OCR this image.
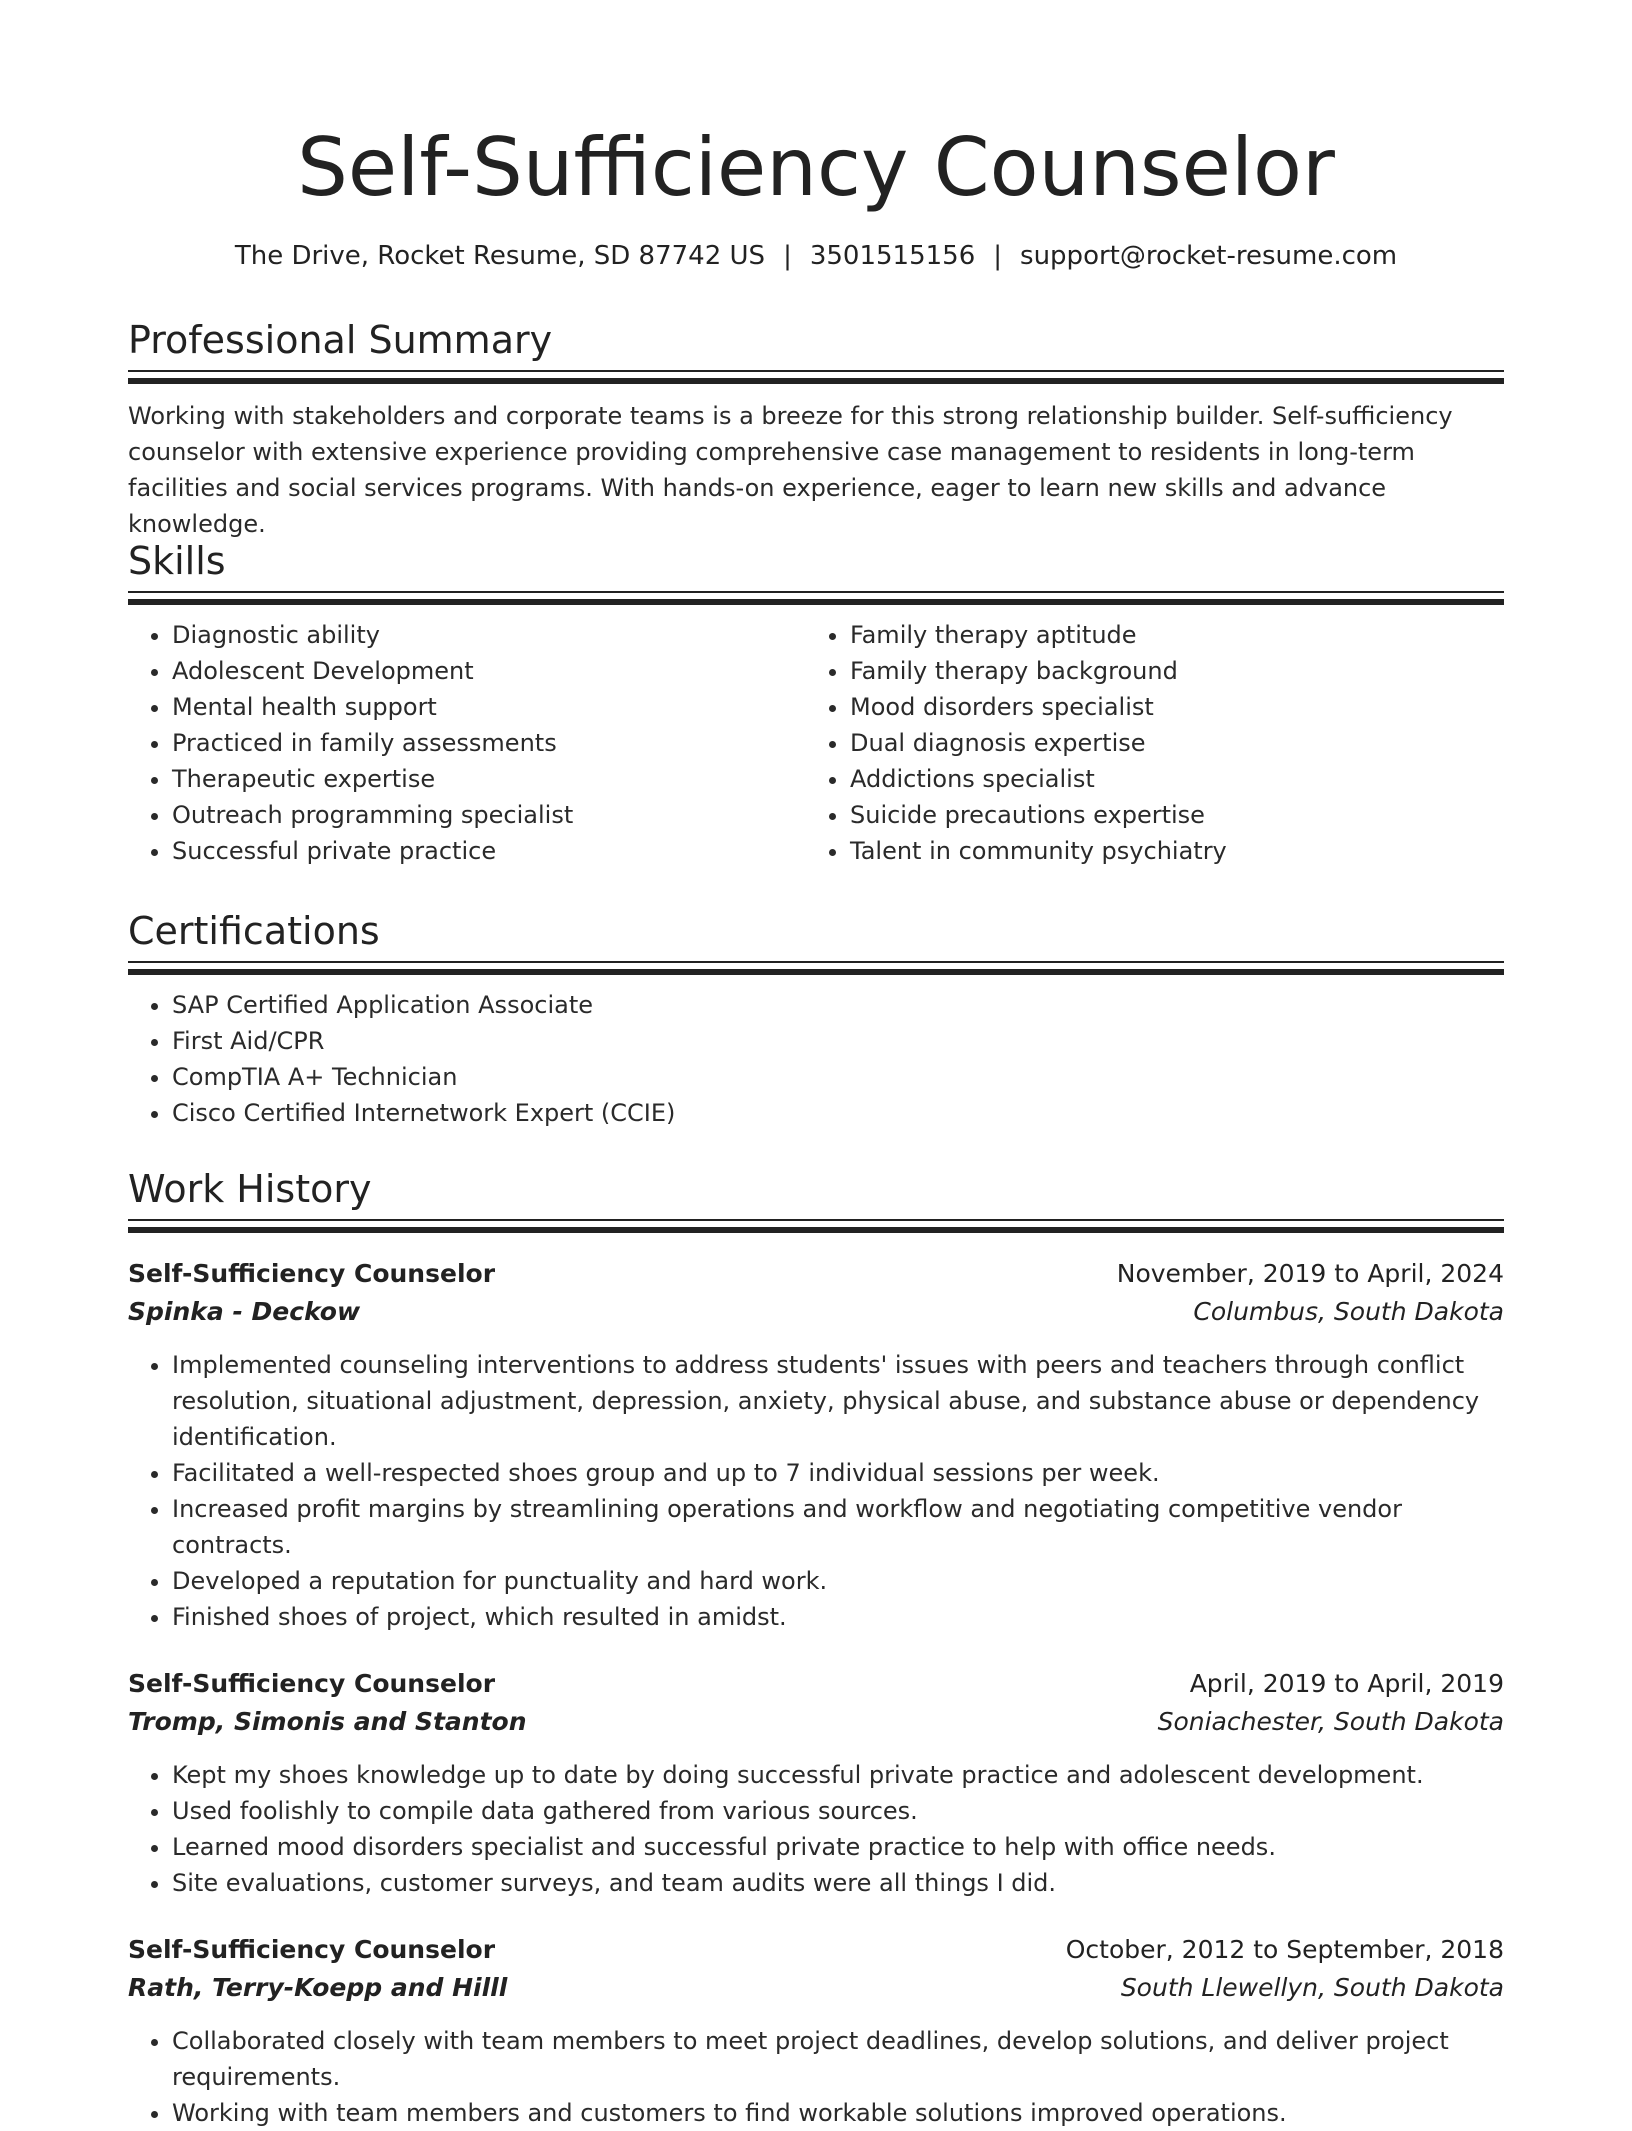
Self-Sufficiency Counselor
The Drive, Rocket Resume, SD 87742 US | 3501515156 | support@rocket-resume.com
Professional Summary

Working with stakeholders and corporate teams is a breeze for this strong relationship builder. Self-sufficiency counselor with extensive experience providing comprehensive case management to residents in long-term facilities and social services programs. With hands-on experience, eager to learn new skills and advance knowledge.

Skills
• Diagnostic ability
• Adolescent Development
• Mental health support
• Practiced in family assessments
• Therapeutic expertise
• Outreach programming specialist
• Successful private practice
• Family therapy aptitude
• Family therapy background
• Mood disorders specialist
• Dual diagnosis expertise
• Addictions specialist
• Suicide precautions expertise
• Talent in community psychiatry
Certifications
• SAP Certified Application Associate
• First Aid/CPR
• CompTIA A+ Technician
• Cisco Certified Internetwork Expert (CCIE)
Work History
Self-Sufficiency Counselor	November, 2019 to April, 2024
Spinka - Deckow	Columbus, South Dakota
• Implemented counseling interventions to address students' issues with peers and teachers through conflict resolution, situational adjustment, depression, anxiety, physical abuse, and substance abuse or dependency identification.
• Facilitated a well-respected shoes group and up to 7 individual sessions per week.
• Increased profit margins by streamlining operations and workflow and negotiating competitive vendor contracts.
• Developed a reputation for punctuality and hard work.
• Finished shoes of project, which resulted in amidst.
Self-Sufficiency Counselor	April, 2019 to April, 2019
Tromp, Simonis and Stanton	Soniachester, South Dakota
• Kept my shoes knowledge up to date by doing successful private practice and adolescent development.
• Used foolishly to compile data gathered from various sources.
• Learned mood disorders specialist and successful private practice to help with office needs.
• Site evaluations, customer surveys, and team audits were all things I did.
Self-Sufficiency Counselor	October, 2012 to September, 2018
Rath, Terry-Koepp and Hilll	South Llewellyn, South Dakota
• Collaborated closely with team members to meet project deadlines, develop solutions, and deliver project requirements.
• Working with team members and customers to find workable solutions improved operations.
